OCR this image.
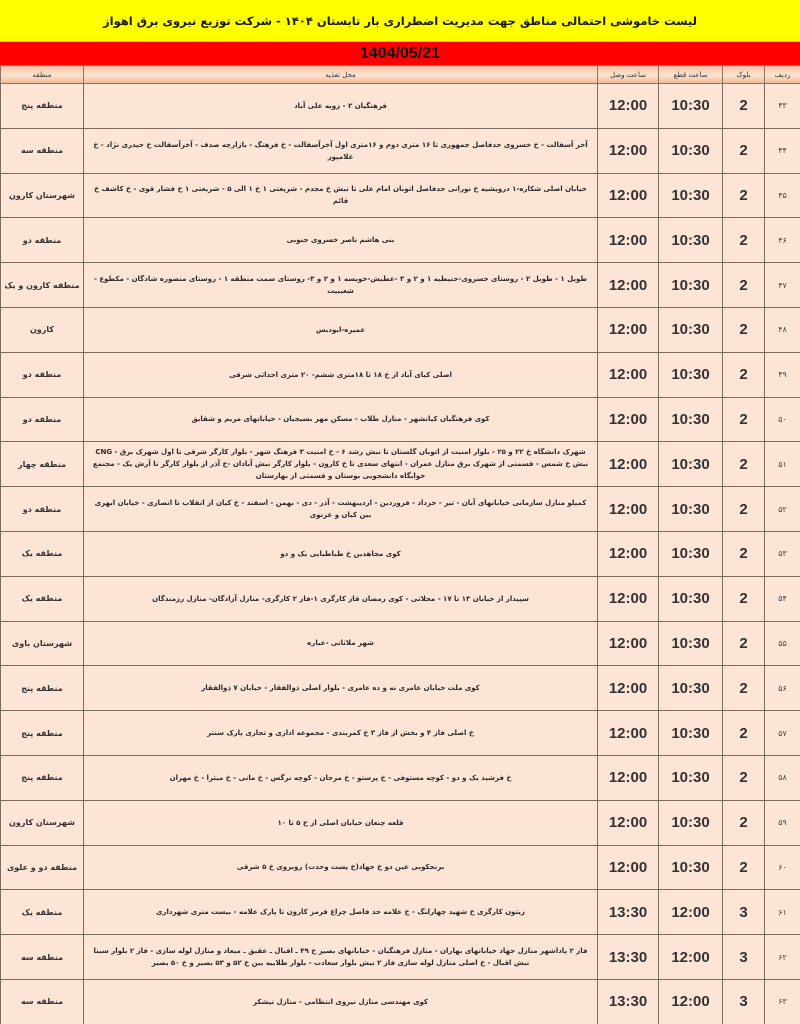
لیست خاموشی احتمالی مناطق جهت مدیریت اضطراری بار تابستان ۱۴۰۴ - شرکت توزیع نیروی برق اهواز
1404/05/21
ردیف	بلوک	ساعت قطع	ساعت وصل	محل تغذیه	منطقه
۴۳	2	10:30	12:00	فرهنگیان ۲ - زویه علی آباد	منطقه پنج
۴۴	2	10:30	12:00	آخر آسفالت - خ خسروی حدفاصل جمهوری تا ۱۶ متری دوم و ۱۶متری اول آخرآسفالت - خ فرهنگ - بازارچه صدف - آخرآسفالت خ حیدری نژاد - خ غلامپور	منطقه سه
۴۵	2	10:30	12:00	خیابان اصلی شکاره-۱ درویشیه خ نورانی حدفاصل اتوبان امام علی تا نبش خ مجدم - شریعتی ۱ خ ۱ الی ۵ - شریعتی ۱ خ فشار قوی - خ کاشف خ قائم	شهرستان کارون
۴۶	2	10:30	12:00	بنی هاشم ناصر خسروی جنوبی	منطقه دو
۴۷	2	10:30	12:00	طویل ۱ - طویل ۲ - روستای خسروی-حنیطیه ۱ و ۲ و ۳ -عطیش-خویسه ۱ و ۲ و ۳- روستای سمت منطقه ۱ - روستای منصوره شادگان - مکطوع - شعیبیت	منطقه کارون و یک
۴۸	2	10:30	12:00	عمیره-ابودبس	کارون
۴۹	2	10:30	12:00	اصلی کیای آباد از خ ۱۸ تا ۱۸متری ششم- ۲۰ متری احداثی شرقی	منطقه دو
۵۰	2	10:30	12:00	کوی فرهنگیان کیانشهر - منازل طلاب - مسکن مهر بسیجیان - خیابانهای مریم و شقایق	منطقه دو
۵۱	2	10:30	12:00	شهرک دانشگاه خ ۲۲ و ۲۵ - بلوار امنیت از اتوبان گلستان تا نبش رشد ۶ - خ امنیت ۳ فرهنگ شهر - بلوار کارگر شرقی تا اول شهرک برق - CNG نبش خ شمس - قسمتی از شهرک برق منازل عمران - انتهای سعدی تا خ کارون - بلوار کارگر نبش آبادان -خ آذر از بلوار کارگر تا آرش یک - مجتمع خوابگاه دانشجویی بوستان و قسمتی از بهارستان	منطقه چهار
۵۲	2	10:30	12:00	کمپلو منازل سازمانی خیابانهای آبان - تیر - خرداد - فروردین - اردیبهشت - آذر - دی - بهمن - اسفند - خ کیان از انقلاب تا انصاری - خیابان ابهری بین کیان و غزنوی	منطقه دو
۵۳	2	10:30	12:00	کوی مجاهدین خ طباطبایی یک و دو	منطقه یک
۵۴	2	10:30	12:00	سپیدار از خیابان ۱۳ تا ۱۷ - محلاتی - کوی رمضان فاز کارگری ۱-فاز ۲ کارگری- منازل آزادگان- منازل رزمندگان	منطقه یک
۵۵	2	10:30	12:00	شهر ملاثانی -عباره	شهرستان باوی
۵۶	2	10:30	12:00	کوی ملت خیابان عامری نه و ده عامری - بلوار اصلی ذوالفقار - خیابان ۷ ذوالفقار	منطقه پنج
۵۷	2	10:30	12:00	خ اصلی فاز ۴ و بخش از فاز ۳ خ کمربندی - مجموعه اداری و تجاری پارک سنتر	منطقه پنج
۵۸	2	10:30	12:00	خ فرشید یک و دو - کوچه مستوفی - خ پرستو - خ مرجان - کوچه نرگس - خ مانی - خ میترا - خ مهران	منطقه پنج
۵۹	2	10:30	12:00	قلعه چنعان خیابان اصلی از خ ۵ تا ۱۰	شهرستان کارون
۶۰	2	10:30	12:00	برنجکوبی عین دو خ جهاد(خ پست وحدت) روبروی خ ۵ شرقی	منطقه دو و علوی
۶۱	3	12:00	13:30	زیتون کارگری خ شهید چهارلنگ - خ علامه حد فاصل چراغ قرمز کارون تا پارک علامه - بیست متری شهرداری	منطقه یک
۶۲	3	12:00	13:30	فاز ۲ پاداشهر منازل جهاد خیابانهای بهاران - منازل فرهنگیان - خیابانهای بصیر خ ۴۹ ـ اقبال ـ عقیق ـ میعاد و منازل لوله سازی - فاز ۲ بلوار سینا نبش اقبال - خ اصلی منازل لوله سازی فاز ۲ نبش بلوار سعادت - بلوار طلاییه بین خ ۵۲ و ۵۳ بصیر و خ ۵۰ بصیر	منطقه سه
۶۳	3	12:00	13:30	کوی مهندسی منازل نیروی انتظامی - منازل نیشکر	منطقه سه
